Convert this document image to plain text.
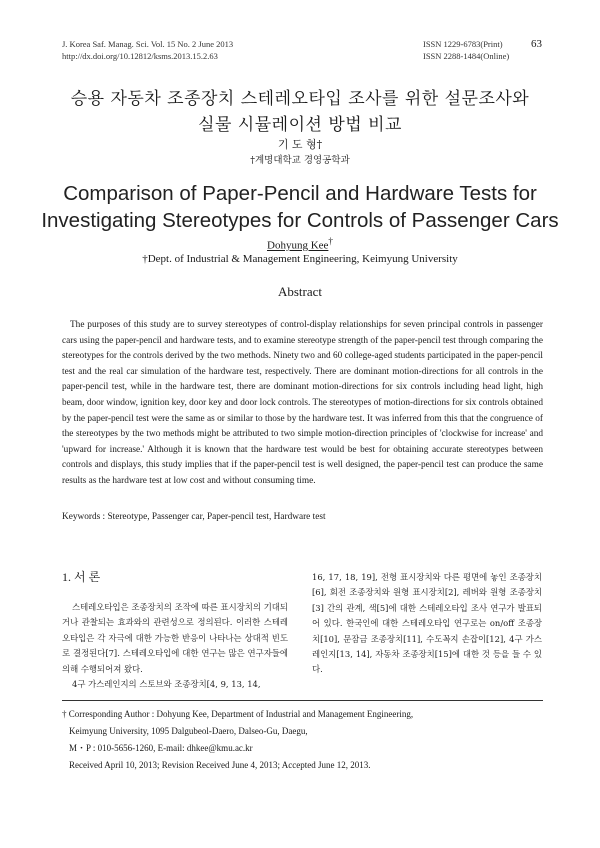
J. Korea Saf. Manag. Sci. Vol. 15 No. 2 June 2013
http://dx.doi.org/10.12812/ksms.2013.15.2.63
ISSN 1229-6783(Print)
ISSN 2288-1484(Online)
63
승용 자동차 조종장치 스테레오타입 조사를 위한 설문조사와
실물 시뮬레이션 방법 비교
기 도 형†
†계명대학교 경영공학과
Comparison of Paper-Pencil and Hardware Tests for
Investigating Stereotypes for Controls of Passenger Cars
Dohyung Kee†
†Dept. of Industrial & Management Engineering, Keimyung University
Abstract
The purposes of this study are to survey stereotypes of control-display relationships for seven principal controls in passenger cars using the paper-pencil and hardware tests, and to examine stereotype strength of the paper-pencil test through comparing the stereotypes for the controls derived by the two methods. Ninety two and 60 college-aged students participated in the paper-pencil test and the real car simulation of the hardware test, respectively. There are dominant motion-directions for all controls in the paper-pencil test, while in the hardware test, there are dominant motion-directions for six controls including head light, high beam, door window, ignition key, door key and door lock controls. The stereotypes of motion-directions for six controls obtained by the paper-pencil test were the same as or similar to those by the hardware test. It was inferred from this that the congruence of the stereotypes by the two methods might be attributed to two simple motion-direction principles of 'clockwise for increase' and 'upward for increase.' Although it is known that the hardware test would be best for obtaining accurate stereotypes between controls and displays, this study implies that if the paper-pencil test is well designed, the paper-pencil test can produce the same results as the hardware test at low cost and without consuming time.
Keywords : Stereotype, Passenger car, Paper-pencil test, Hardware test
1. 서 론

스테레오타입은 조종장치의 조작에 따른 표시장치의 기대되거나 관찰되는 효과와의 관련성으로 정의된다. 이러한 스테레오타입은 각 자극에 대한 가능한 반응이 나타나는 상대적 빈도로 결정된다[7]. 스테레오타입에 대한 연구는 많은 연구자들에 의해 수행되어져 왔다.

4구 가스레인지의 스토브와 조종장치[4, 9, 13, 14,

16, 17, 18, 19], 전형 표시장치와 다른 평면에 놓인 조종장치[6], 회전 조종장치와 원형 표시장치[2], 레버와 원형 조종장치[3] 간의 관계, 색[5]에 대한 스테레오타입 조사 연구가 발표되어 있다. 한국인에 대한 스테레오타입 연구로는 on/off 조종장치[10], 문잠금 조종장치[11], 수도꼭지 손잡이[12], 4구 가스레인지[13, 14], 자동차 조종장치[15]에 대한 것 등을 들 수 있다.

† Corresponding Author : Dohyung Kee, Department of Industrial and Management Engineering,
Keimyung University, 1095 Dalgubeol-Daero, Dalseo-Gu, Daegu,
M・P : 010-5656-1260, E-mail: dhkee@kmu.ac.kr
Received April 10, 2013; Revision Received June 4, 2013; Accepted June 12, 2013.
